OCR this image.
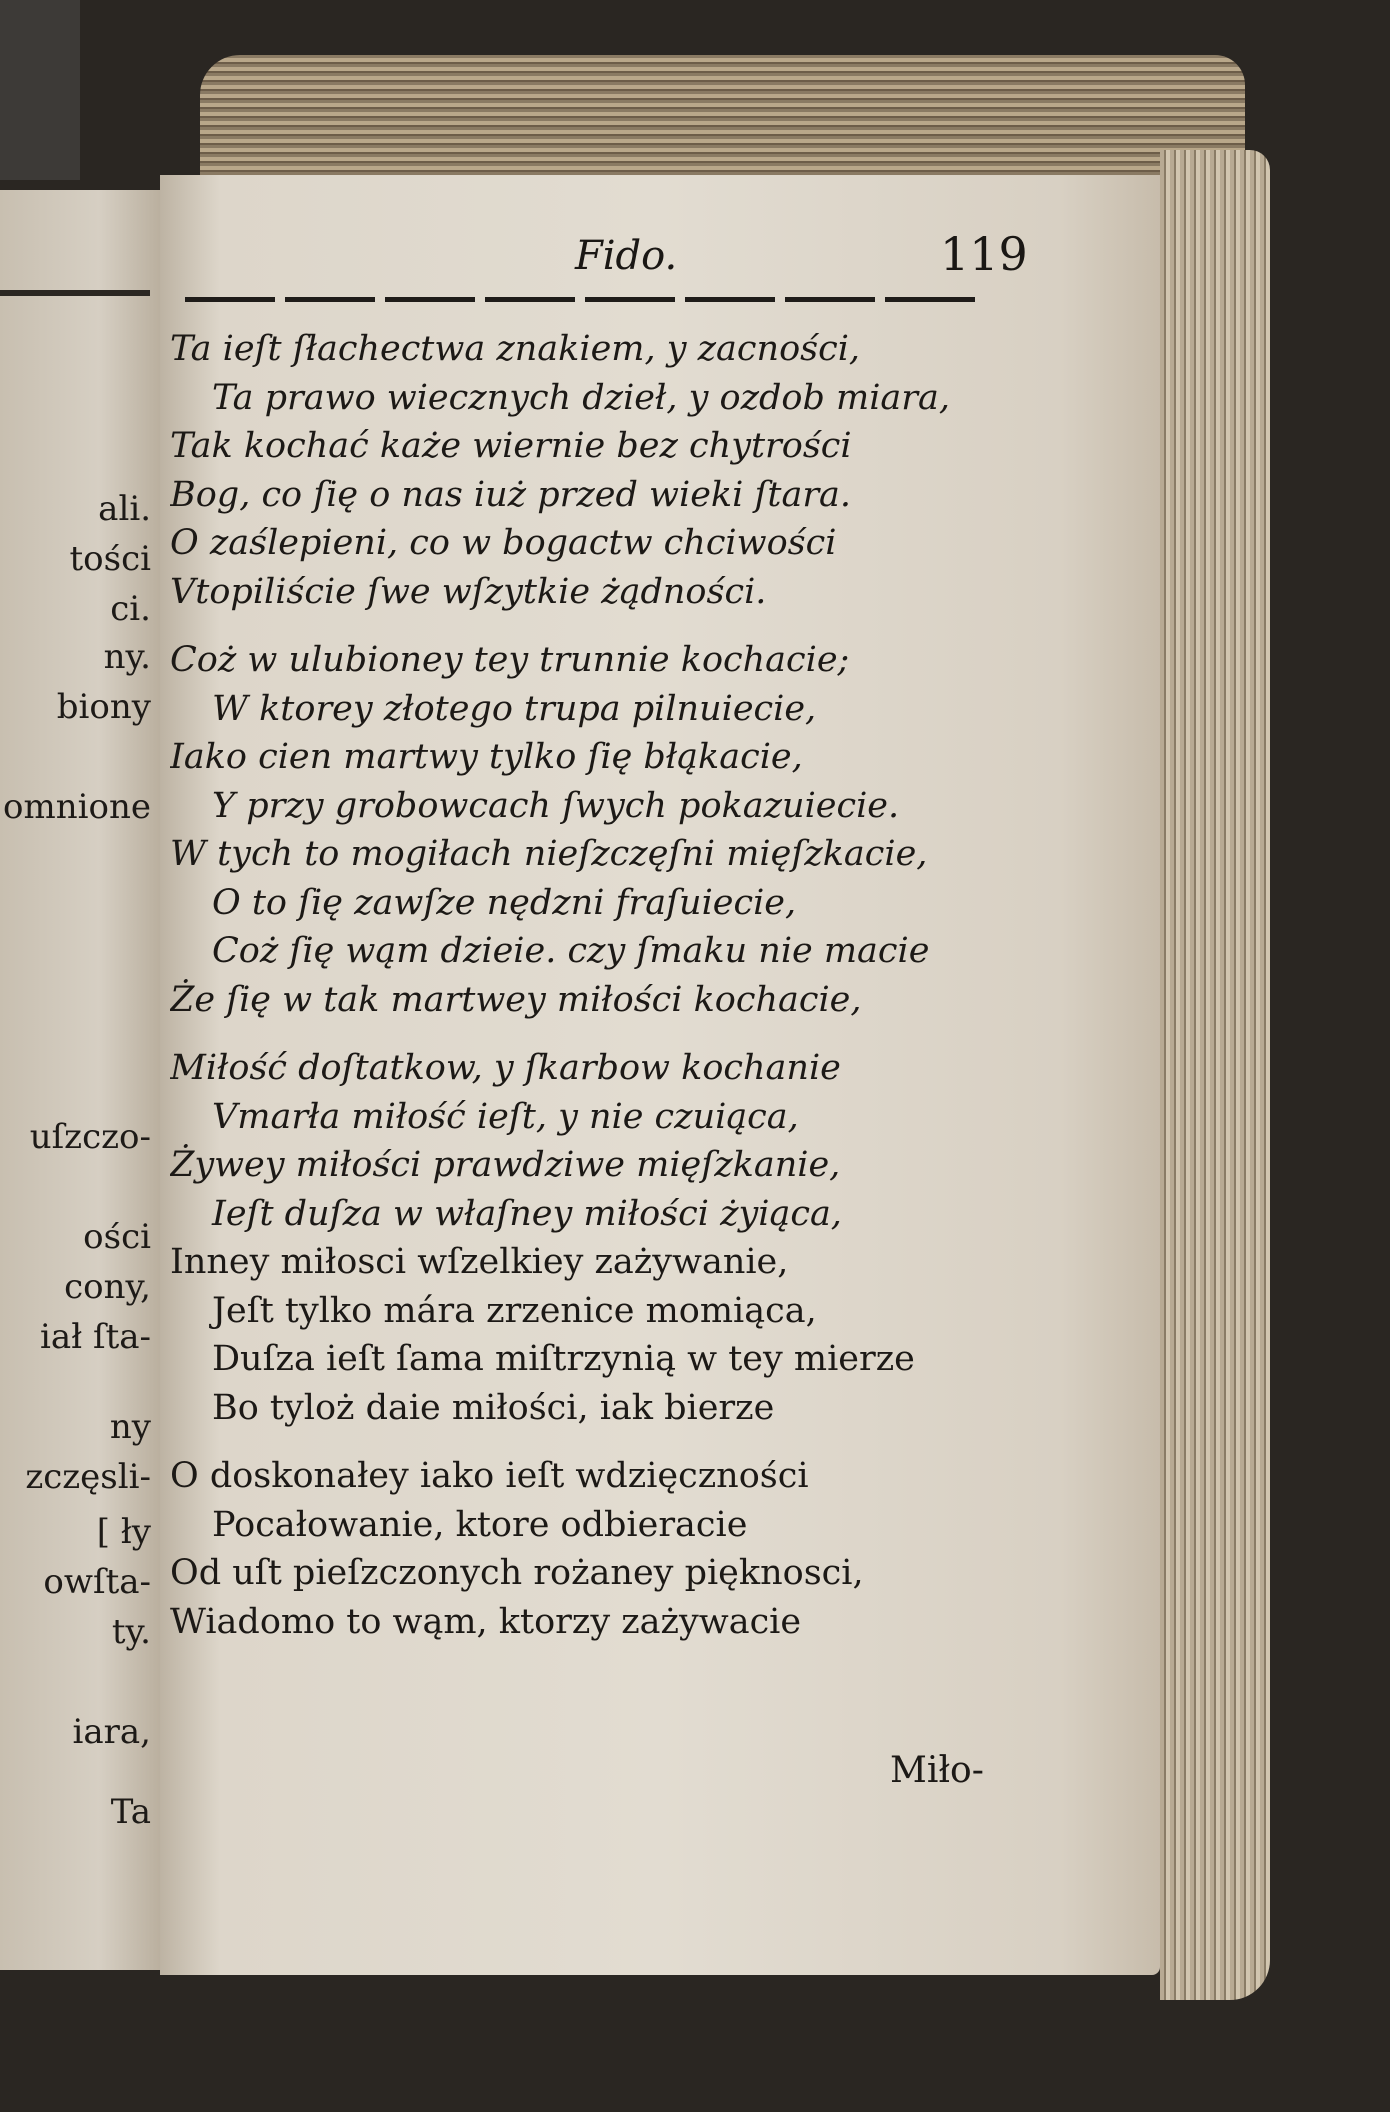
ali.
tości
ci.
ny.
biony
omnione
uſzczo-
ości
cony,
iał ſta-
ny
zczęsli-
[ ły
owſta-
ty.
iara,
Ta
Fido.	119
Ta ieſt ſłachectwa znakiem, y zacności,
Ta prawo wiecznych dzieł, y ozdob miara,
Tak kochać każe wiernie bez chytrości
Bog, co ſię o nas iuż przed wieki ſtara.
O zaślepieni, co w bogactw chciwości
Vtopiliście ſwe wſzytkie żądności.
Coż w ulubioney tey trunnie kochacie;
W ktorey złotego trupa pilnuiecie,
Iako cien martwy tylko ſię błąkacie,
Y przy grobowcach ſwych pokazuiecie.
W tych to mogiłach nieſzczęſni mięſzkacie,
O to ſię zawſze nędzni fraſuiecie,
Coż ſię wąm dzieie. czy ſmaku nie macie
Że ſię w tak martwey miłości kochacie,
Miłość doſtatkow, y ſkarbow kochanie
Vmarła miłość ieſt, y nie czuiąca,
Żywey miłości prawdziwe mięſzkanie,
Ieſt duſza w właſney miłości żyiąca,
Inney miłosci wſzelkiey zażywanie,
Jeſt tylko mára zrzenice momiąca,
Duſza ieſt ſama miſtrzynią w tey mierze
Bo tyloż daie miłości, iak bierze
O doskonałey iako ieſt wdzięczności
Pocałowanie, ktore odbieracie
Od uſt pieſzczonych rożaney pięknosci,
Wiadomo to wąm, ktorzy zażywacie
Miło-
